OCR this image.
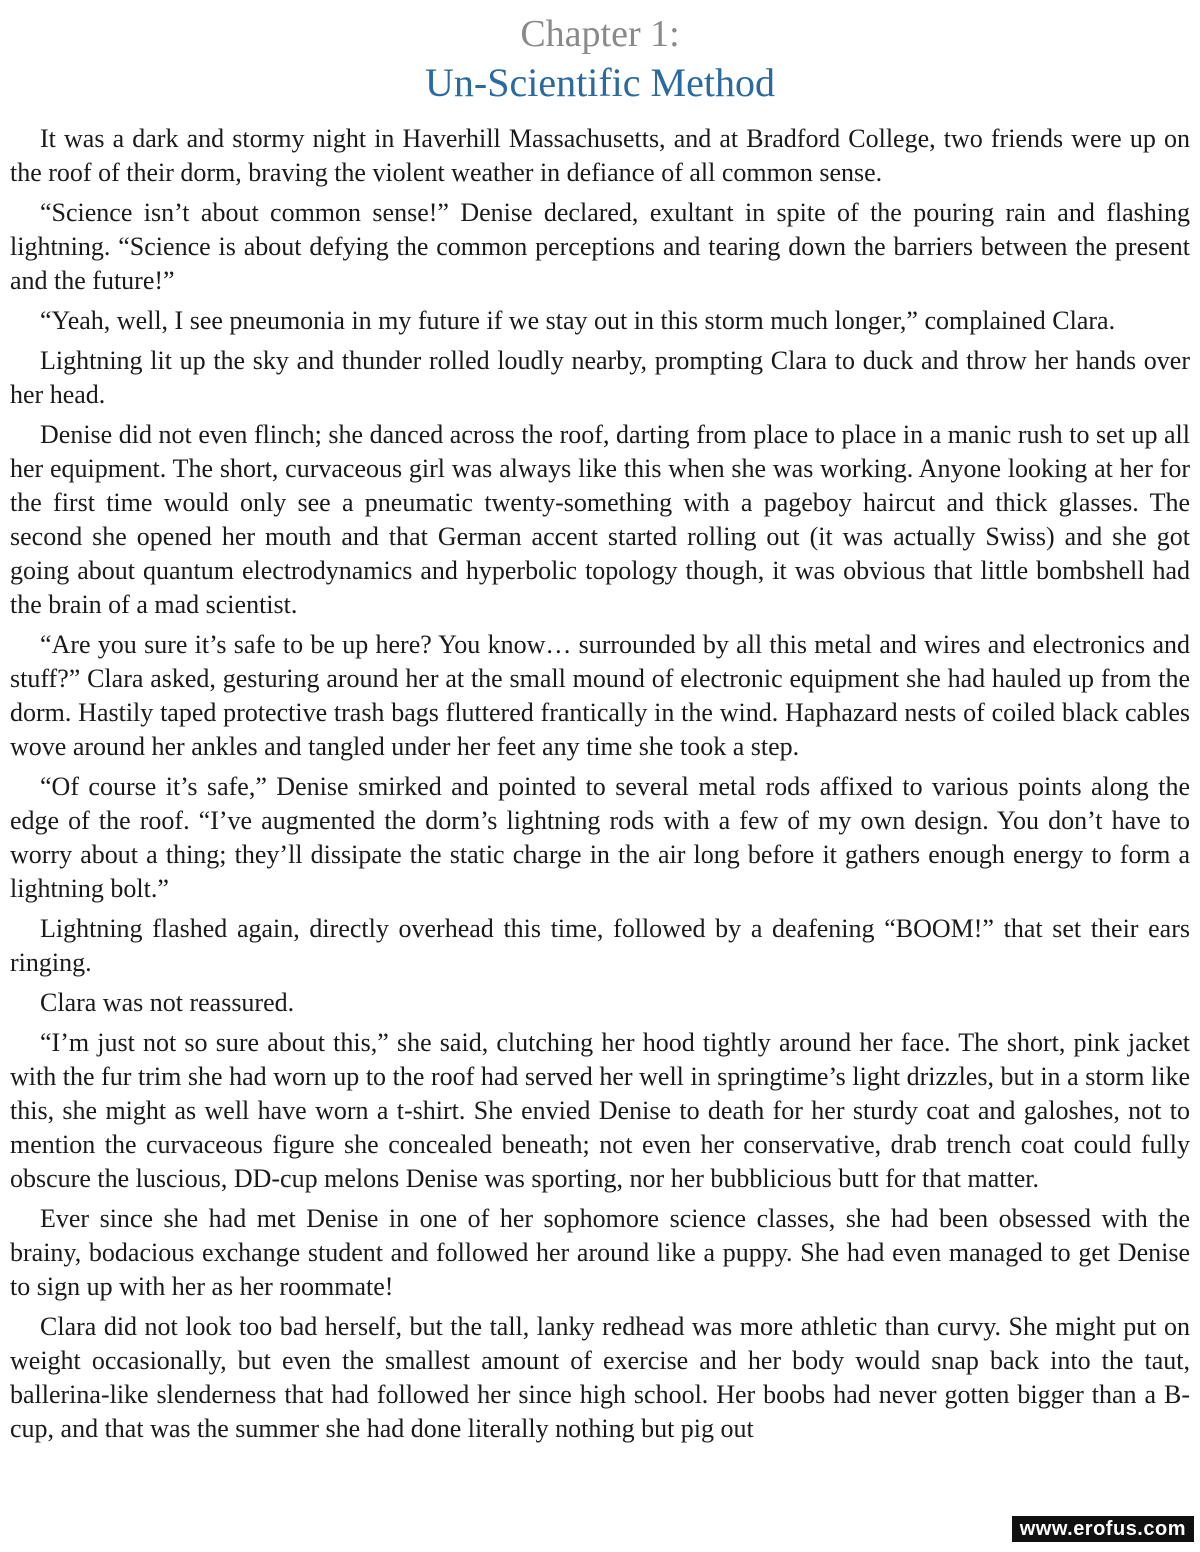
Chapter 1:
Un-Scientific Method

It was a dark and stormy night in Haverhill Massachusetts, and at Bradford College, two friends were up on the roof of their dorm, braving the violent weather in defiance of all common sense.

“Science isn’t about common sense!” Denise declared, exultant in spite of the pouring rain and flashing lightning. “Science is about defying the common perceptions and tearing down the barriers between the present and the future!”

“Yeah, well, I see pneumonia in my future if we stay out in this storm much longer,” complained Clara.

Lightning lit up the sky and thunder rolled loudly nearby, prompting Clara to duck and throw her hands over her head.

Denise did not even flinch; she danced across the roof, darting from place to place in a manic rush to set up all her equipment. The short, curvaceous girl was always like this when she was working. Anyone looking at her for the first time would only see a pneumatic twenty-something with a pageboy haircut and thick glasses. The second she opened her mouth and that German accent started rolling out (it was actually Swiss) and she got going about quantum electrodynamics and hyperbolic topology though, it was obvious that little bombshell had the brain of a mad scientist.

“Are you sure it’s safe to be up here? You know… surrounded by all this metal and wires and electronics and stuff?” Clara asked, gesturing around her at the small mound of electronic equipment she had hauled up from the dorm. Hastily taped protective trash bags fluttered frantically in the wind. Haphazard nests of coiled black cables wove around her ankles and tangled under her feet any time she took a step.

“Of course it’s safe,” Denise smirked and pointed to several metal rods affixed to various points along the edge of the roof. “I’ve augmented the dorm’s lightning rods with a few of my own design. You don’t have to worry about a thing; they’ll dissipate the static charge in the air long before it gathers enough energy to form a lightning bolt.”

Lightning flashed again, directly overhead this time, followed by a deafening “BOOM!” that set their ears ringing.

Clara was not reassured.

“I’m just not so sure about this,” she said, clutching her hood tightly around her face. The short, pink jacket with the fur trim she had worn up to the roof had served her well in springtime’s light drizzles, but in a storm like this, she might as well have worn a t-shirt. She envied Denise to death for her sturdy coat and galoshes, not to mention the curvaceous figure she concealed beneath; not even her conservative, drab trench coat could fully obscure the luscious, DD-cup melons Denise was sporting, nor her bubblicious butt for that matter.

Ever since she had met Denise in one of her sophomore science classes, she had been obsessed with the brainy, bodacious exchange student and followed her around like a puppy. She had even managed to get Denise to sign up with her as her roommate!

Clara did not look too bad herself, but the tall, lanky redhead was more athletic than curvy. She might put on weight occasionally, but even the smallest amount of exercise and her body would snap back into the taut, ballerina-like slenderness that had followed her since high school. Her boobs had never gotten bigger than a B-cup, and that was the summer she had done literally nothing but pig out

www.erofus.com
